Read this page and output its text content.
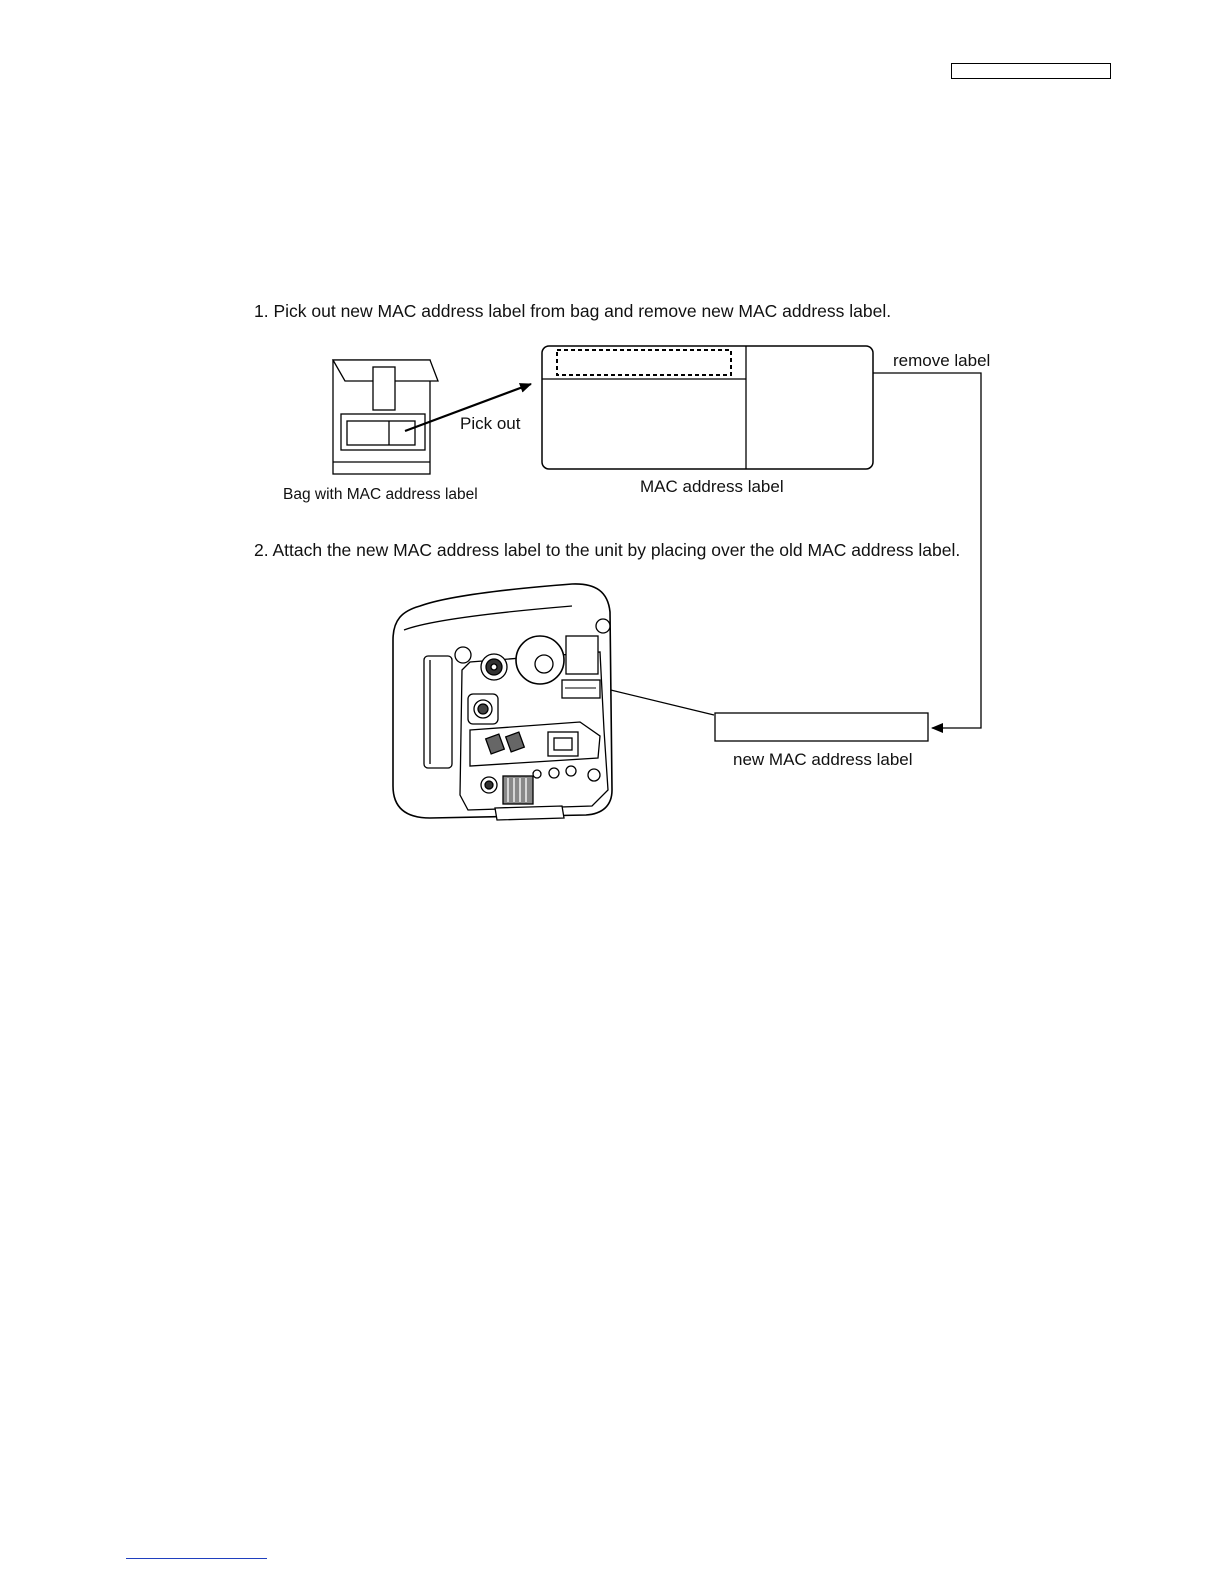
1. Pick out new MAC address label from bag and remove new MAC address label.
2. Attach the new MAC address label to the unit by placing over the old MAC address label.
Bag with MAC address label
Pick out
MAC address label
remove label
new MAC address label
